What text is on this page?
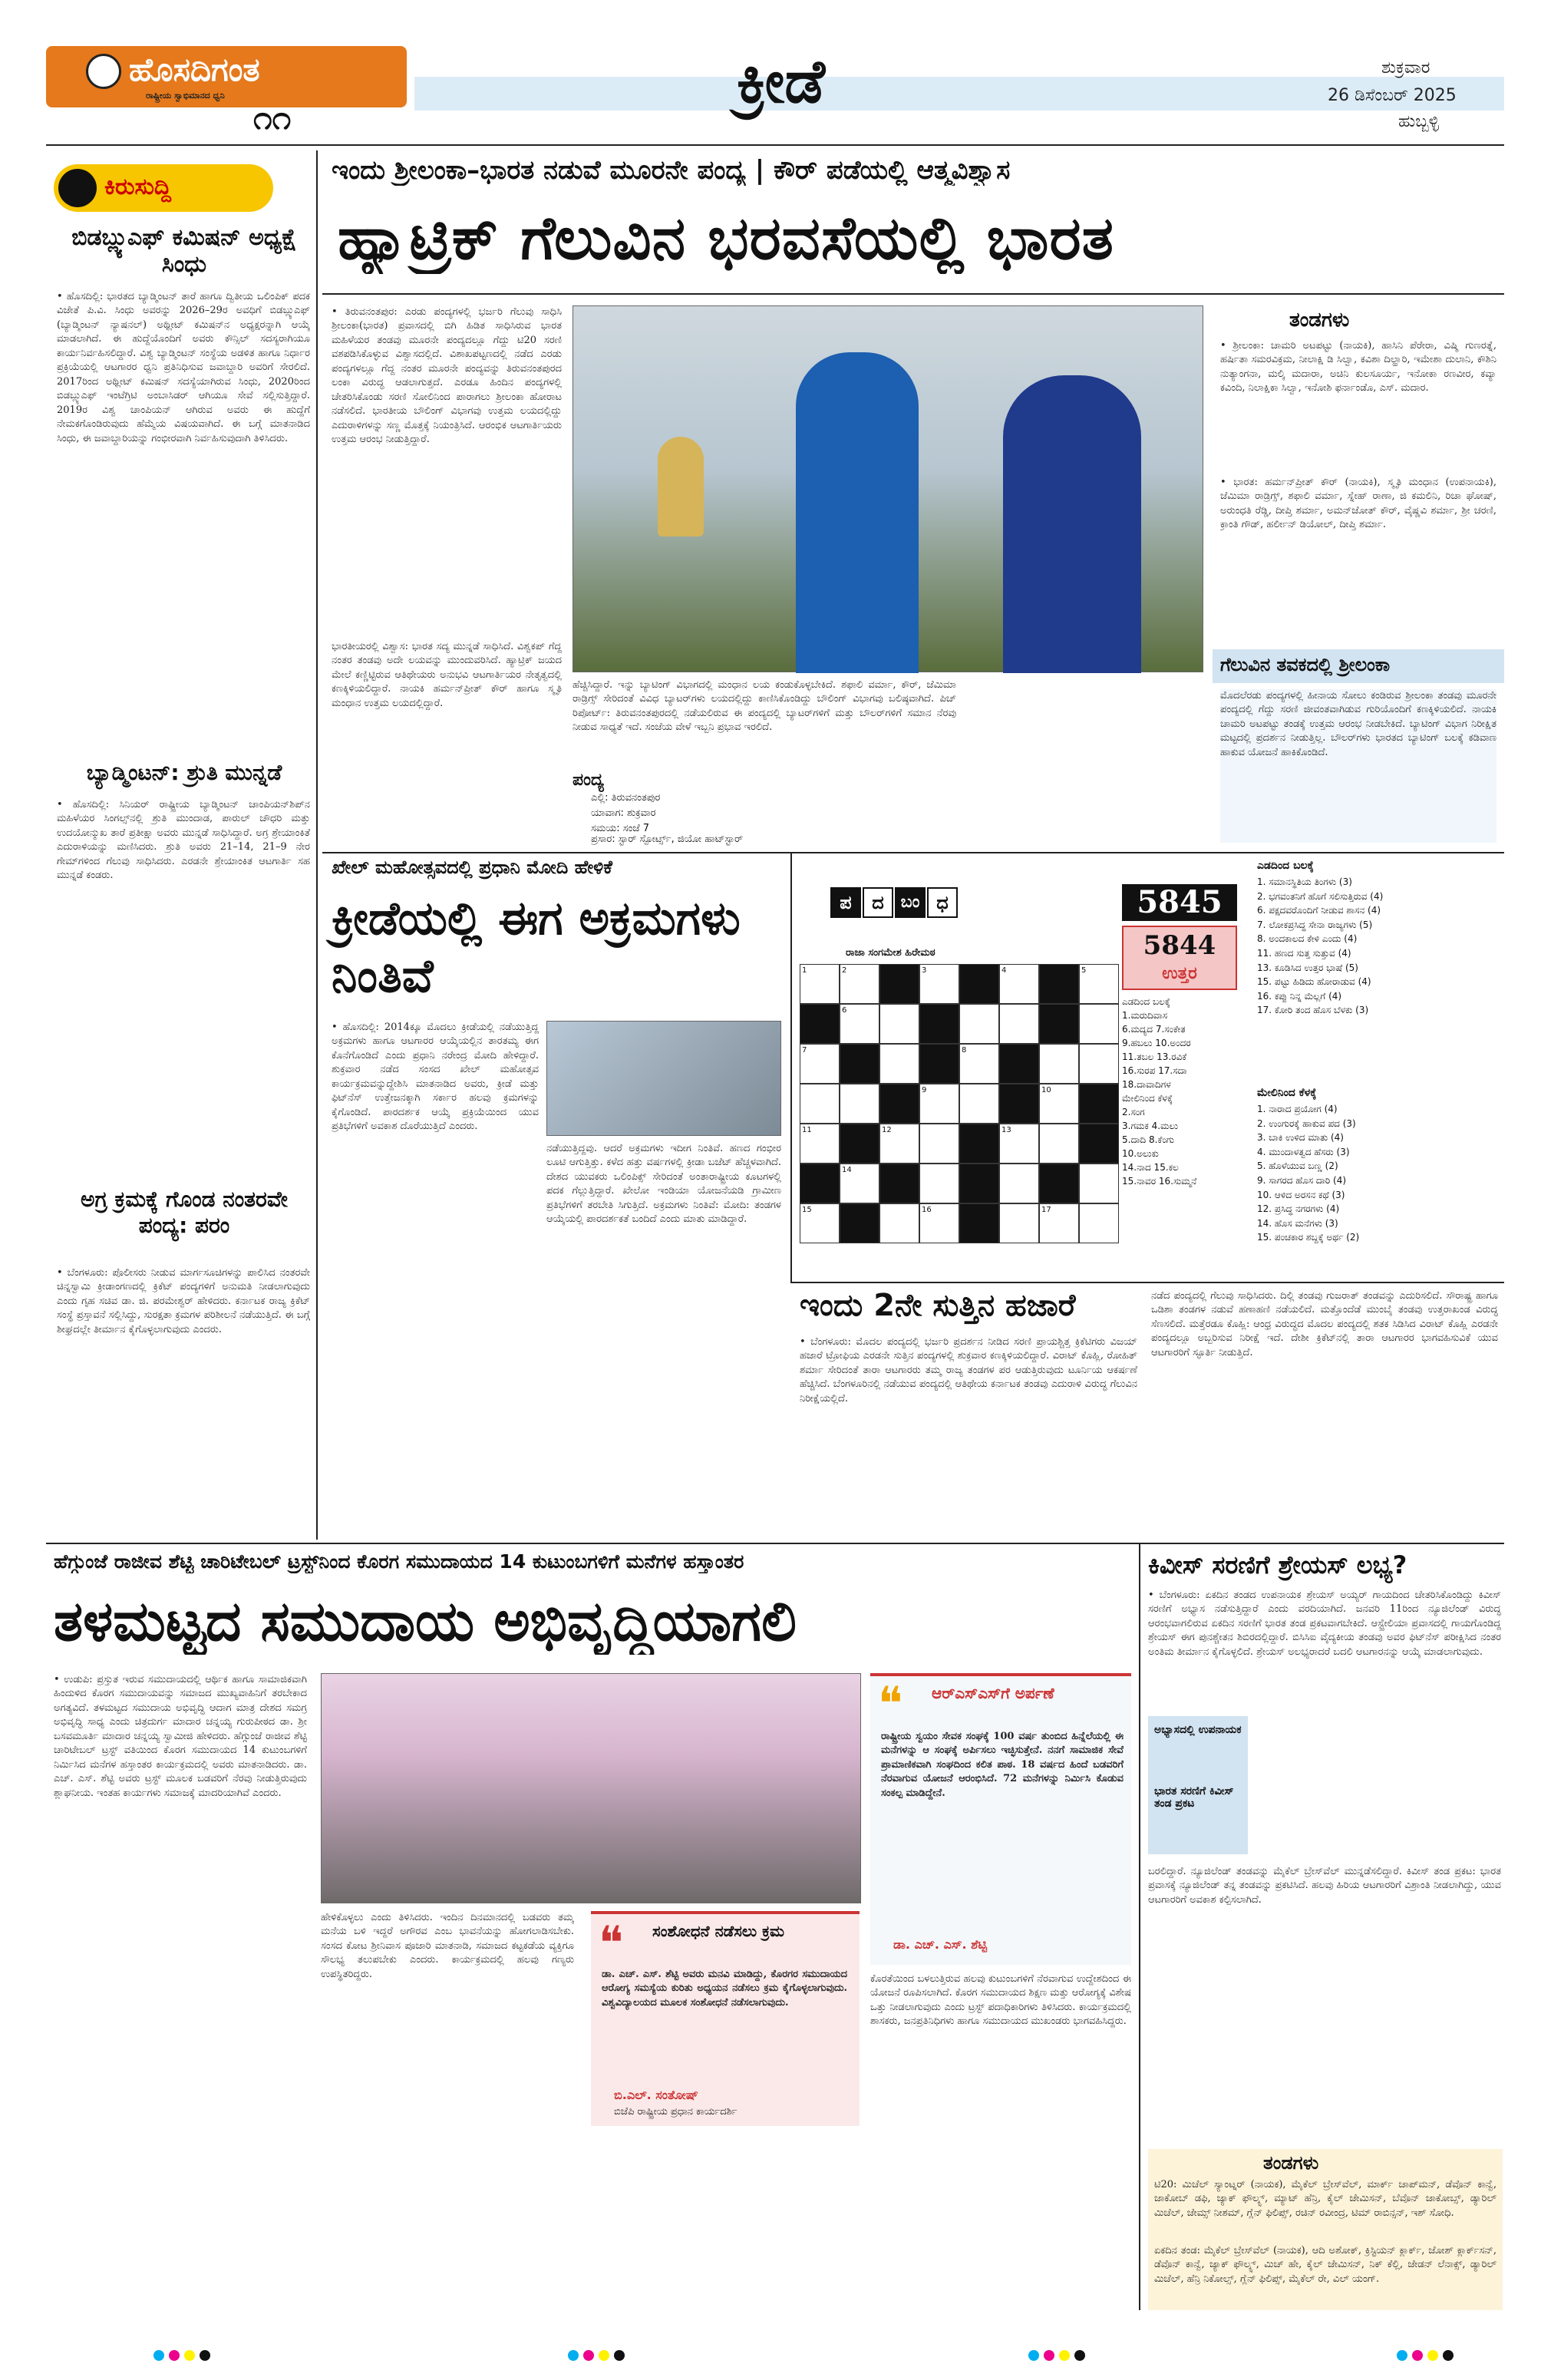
ಹೊಸದಿಗಂತ
ರಾಷ್ಟ್ರೀಯ ಸ್ವಾಭಿಮಾನದ ಧ್ವನಿ
೧೧
ಕ್ರೀಡೆ	ಶುಕ್ರವಾರ
26 ಡಿಸೆಂಬರ್ 2025
ಹುಬ್ಬಳ್ಳಿ
ಕಿರುಸುದ್ದಿ
ಬಿಡಬ್ಲ್ಯುಎಫ್ ಕಮಿಷನ್ ಅಧ್ಯಕ್ಷೆ ಸಿಂಧು
• ಹೊಸದಿಲ್ಲಿ: ಭಾರತದ ಬ್ಯಾಡ್ಮಿಂಟನ್ ತಾರೆ ಹಾಗೂ ದ್ವಿತೀಯ ಒಲಿಂಪಿಕ್ ಪದಕ ವಿಜೇತೆ ಪಿ.ವಿ. ಸಿಂಧು ಅವರನ್ನು 2026–29ರ ಅವಧಿಗೆ ಬಿಡಬ್ಲ್ಯುಎಫ್ (ಬ್ಯಾಡ್ಮಿಂಟನ್ ನ್ಯಾಷನಲ್) ಅಥ್ಲೀಟ್ ಕಮಿಷನ್‌ನ ಅಧ್ಯಕ್ಷರನ್ನಾಗಿ ಆಯ್ಕೆ ಮಾಡಲಾಗಿದೆ. ಈ ಹುದ್ದೆಯೊಂದಿಗೆ ಅವರು ಕೌನ್ಸಿಲ್ ಸದಸ್ಯರಾಗಿಯೂ ಕಾರ್ಯನಿರ್ವಹಿಸಲಿದ್ದಾರೆ. ವಿಶ್ವ ಬ್ಯಾಡ್ಮಿಂಟನ್ ಸಂಸ್ಥೆಯ ಅಡಳಿತ ಹಾಗೂ ನಿರ್ಧಾರ ಪ್ರಕ್ರಿಯೆಯಲ್ಲಿ ಆಟಗಾರರ ಧ್ವನಿ ಪ್ರತಿನಿಧಿಸುವ ಜವಾಬ್ದಾರಿ ಅವರಿಗೆ ಸೇರಲಿದೆ. 2017ರಿಂದ ಅಥ್ಲೀಟ್ ಕಮಿಷನ್ ಸದಸ್ಯೆಯಾಗಿರುವ ಸಿಂಧು, 2020ರಿಂದ ಬಿಡಬ್ಲ್ಯುಎಫ್ ಇಂಟೆಗ್ರಿಟಿ ಅಂಬಾಸಿಡರ್ ಆಗಿಯೂ ಸೇವೆ ಸಲ್ಲಿಸುತ್ತಿದ್ದಾರೆ. 2019ರ ವಿಶ್ವ ಚಾಂಪಿಯನ್ ಆಗಿರುವ ಅವರು ಈ ಹುದ್ದೆಗೆ ನೇಮಕಗೊಂಡಿರುವುದು ಹೆಮ್ಮೆಯ ವಿಷಯವಾಗಿದೆ. ಈ ಬಗ್ಗೆ ಮಾತನಾಡಿದ ಸಿಂಧು, ಈ ಜವಾಬ್ದಾರಿಯನ್ನು ಗಂಭೀರವಾಗಿ ನಿರ್ವಹಿಸುವುದಾಗಿ ತಿಳಿಸಿದರು.
ಬ್ಯಾಡ್ಮಿಂಟನ್: ಶ್ರುತಿ ಮುನ್ನಡೆ
• ಹೊಸದಿಲ್ಲಿ: ಸಿನಿಯರ್ ರಾಷ್ಟ್ರೀಯ ಬ್ಯಾಡ್ಮಿಂಟನ್ ಚಾಂಪಿಯನ್‌ಶಿಪ್‌ನ ಮಹಿಳೆಯರ ಸಿಂಗಲ್ಸ್‌ನಲ್ಲಿ ಶ್ರುತಿ ಮುಂದಾಡ, ಪಾರುಲ್ ಚೌಧರಿ ಮತ್ತು ಉದಯೋನ್ಮುಖ ತಾರೆ ಪ್ರತೀಕ್ಷಾ ಅವರು ಮುನ್ನಡೆ ಸಾಧಿಸಿದ್ದಾರೆ. ಅಗ್ರ ಶ್ರೇಯಾಂಕಿತೆ ಎದುರಾಳಿಯನ್ನು ಮಣಿಸಿದರು. ಶ್ರುತಿ ಅವರು 21–14, 21–9 ನೇರ ಗೇಮ್‌ಗಳಿಂದ ಗೆಲುವು ಸಾಧಿಸಿದರು. ಎರಡನೇ ಶ್ರೇಯಾಂಕಿತ ಆಟಗಾರ್ತಿ ಸಹ ಮುನ್ನಡೆ ಕಂಡರು.
ಅಗ್ರ ಕ್ರಮಕ್ಕೆ ಗೊಂಡ ನಂತರವೇ ಪಂದ್ಯ: ಪರಂ
• ಬೆಂಗಳೂರು: ಪೊಲೀಸರು ನೀಡುವ ಮಾರ್ಗಸೂಚಿಗಳನ್ನು ಪಾಲಿಸಿದ ನಂತರವೇ ಚಿನ್ನಸ್ವಾಮಿ ಕ್ರೀಡಾಂಗಣದಲ್ಲಿ ಕ್ರಿಕೆಟ್ ಪಂದ್ಯಗಳಿಗೆ ಅನುಮತಿ ನೀಡಲಾಗುವುದು ಎಂದು ಗೃಹ ಸಚಿವ ಡಾ. ಜಿ. ಪರಮೇಶ್ವರ್ ಹೇಳಿದರು. ಕರ್ನಾಟಕ ರಾಜ್ಯ ಕ್ರಿಕೆಟ್ ಸಂಸ್ಥೆ ಪ್ರಸ್ತಾವನೆ ಸಲ್ಲಿಸಿದ್ದು, ಸುರಕ್ಷತಾ ಕ್ರಮಗಳ ಪರಿಶೀಲನೆ ನಡೆಯುತ್ತಿದೆ. ಈ ಬಗ್ಗೆ ಶೀಘ್ರದಲ್ಲೇ ತೀರ್ಮಾನ ಕೈಗೊಳ್ಳಲಾಗುವುದು ಎಂದರು.
ಇಂದು ಶ್ರೀಲಂಕಾ–ಭಾರತ ನಡುವೆ ಮೂರನೇ ಪಂದ್ಯ | ಕೌರ್ ಪಡೆಯಲ್ಲಿ ಆತ್ಮವಿಶ್ವಾಸ
ಹ್ಯಾಟ್ರಿಕ್ ಗೆಲುವಿನ ಭರವಸೆಯಲ್ಲಿ ಭಾರತ
• ತಿರುವನಂತಪುರ: ಎರಡು ಪಂದ್ಯಗಳಲ್ಲಿ ಭರ್ಜರಿ ಗೆಲುವು ಸಾಧಿಸಿ ಶ್ರೀಲಂಕಾ(ಭಾರತ) ಪ್ರವಾಸದಲ್ಲಿ ಬಿಗಿ ಹಿಡಿತ ಸಾಧಿಸಿರುವ ಭಾರತ ಮಹಿಳೆಯರ ತಂಡವು ಮೂರನೇ ಪಂದ್ಯದಲ್ಲೂ ಗೆದ್ದು ಟಿ20 ಸರಣಿ ವಶಪಡಿಸಿಕೊಳ್ಳುವ ವಿಶ್ವಾಸದಲ್ಲಿದೆ. ವಿಶಾಖಪಟ್ಟಣದಲ್ಲಿ ನಡೆದ ಎರಡು ಪಂದ್ಯಗಳಲ್ಲೂ ಗೆದ್ದ ನಂತರ ಮೂರನೇ ಪಂದ್ಯವನ್ನು ತಿರುವನಂತಪುರದ ಲಂಕಾ ವಿರುದ್ಧ ಆಡಲಾಗುತ್ತದೆ. ಎರಡೂ ಹಿಂದಿನ ಪಂದ್ಯಗಳಲ್ಲಿ ಚೇತರಿಸಿಕೊಂಡು ಸರಣಿ ಸೋಲಿನಿಂದ ಪಾರಾಗಲು ಶ್ರೀಲಂಕಾ ಹೋರಾಟ ನಡೆಸಲಿದೆ. ಭಾರತೀಯ ಬೌಲಿಂಗ್ ವಿಭಾಗವು ಉತ್ತಮ ಲಯದಲ್ಲಿದ್ದು ಎದುರಾಳಿಗಳನ್ನು ಸಣ್ಣ ಮೊತ್ತಕ್ಕೆ ನಿಯಂತ್ರಿಸಿದೆ. ಆರಂಭಿಕ ಆಟಗಾರ್ತಿಯರು ಉತ್ತಮ ಆರಂಭ ನೀಡುತ್ತಿದ್ದಾರೆ.
ಭಾರತೀಯರಲ್ಲಿ ವಿಶ್ವಾಸ: ಭಾರತ ಸದ್ಯ ಮುನ್ನಡೆ ಸಾಧಿಸಿದೆ. ವಿಶ್ವಕಪ್ ಗೆದ್ದ ನಂತರ ತಂಡವು ಅದೇ ಲಯವನ್ನು ಮುಂದುವರಿಸಿದೆ. ಹ್ಯಾಟ್ರಿಕ್ ಜಯದ ಮೇಲೆ ಕಣ್ಣಿಟ್ಟಿರುವ ಆತಿಥೇಯರು ಅನುಭವಿ ಆಟಗಾರ್ತಿಯರ ನೇತೃತ್ವದಲ್ಲಿ ಕಣಕ್ಕಿಳಿಯಲಿದ್ದಾರೆ. ನಾಯಕಿ ಹರ್ಮನ್‌ಪ್ರೀತ್ ಕೌರ್ ಹಾಗೂ ಸ್ಮೃತಿ ಮಂಧಾನ ಉತ್ತಮ ಲಯದಲ್ಲಿದ್ದಾರೆ.
ಹೆಚ್ಚಿಸಿದ್ದಾರೆ. ಇನ್ನು ಬ್ಯಾಟಿಂಗ್ ವಿಭಾಗದಲ್ಲಿ ಮಂಧಾನ ಲಯ ಕಂಡುಕೊಳ್ಳಬೇಕಿದೆ. ಶಫಾಲಿ ವರ್ಮಾ, ಕೌರ್, ಜೆಮಿಮಾ ರಾಡ್ರಿಗ್ಸ್ ಸೇರಿದಂತೆ ವಿವಿಧ ಬ್ಯಾಟರ್‌ಗಳು ಲಯದಲ್ಲಿದ್ದು ಕಾಣಿಸಿಕೊಂಡಿದ್ದು ಬೌಲಿಂಗ್ ವಿಭಾಗವು ಬಲಿಷ್ಠವಾಗಿದೆ. ಪಿಚ್ ರಿಪೋರ್ಟ್: ತಿರುವನಂತಪುರದಲ್ಲಿ ನಡೆಯಲಿರುವ ಈ ಪಂದ್ಯದಲ್ಲಿ ಬ್ಯಾಟರ್‌ಗಳಿಗೆ ಮತ್ತು ಬೌಲರ್‌ಗಳಿಗೆ ಸಮಾನ ನೆರವು ನೀಡುವ ಸಾಧ್ಯತೆ ಇದೆ. ಸಂಜೆಯ ವೇಳೆ ಇಬ್ಬನಿ ಪ್ರಭಾವ ಇರಲಿದೆ.
ಪಂದ್ಯ
ಎಲ್ಲಿ: ತಿರುವನಂತಪುರ
ಯಾವಾಗ: ಶುಕ್ರವಾರ
ಸಮಯ: ಸಂಜೆ 7
ಪ್ರಸಾರ: ಸ್ಟಾರ್ ಸ್ಪೋರ್ಟ್ಸ್, ಜಿಯೋ ಹಾಟ್‌ಸ್ಟಾರ್
ತಂಡಗಳು
• ಶ್ರೀಲಂಕಾ: ಚಾಮರಿ ಅಟಪಟ್ಟು (ನಾಯಕಿ), ಹಾಸಿನಿ ಪೆರೇರಾ, ವಿಷ್ಮಿ ಗುಣರತ್ನೆ, ಹರ್ಷಿತಾ ಸಮರವಿಕ್ರಮ, ನೀಲಾಕ್ಷಿ ಡಿ ಸಿಲ್ವಾ, ಕವಿಶಾ ದಿಲ್ಹಾರಿ, ಇಮೇಶಾ ದುಲಾನಿ, ಕೌಶಿನಿ ನುತ್ಯಾಂಗನಾ, ಮಲ್ಕಿ ಮದಾರಾ, ಅಚಿನಿ ಕುಲಸೂರ್ಯ, ಇನೋಕಾ ರಣವೀರ, ಕವ್ಯಾ ಕವಿಂದಿ, ನಿಲಾಕ್ಷಿಕಾ ಸಿಲ್ವಾ, ಇನೋಶಿ ಫರ್ನಾಂಡೊ, ಎಸ್. ಮದಾರ.
• ಭಾರತ: ಹರ್ಮನ್‌ಪ್ರೀತ್ ಕೌರ್ (ನಾಯಕಿ), ಸ್ಮೃತಿ ಮಂಧಾನ (ಉಪನಾಯಕಿ), ಜೆಮಿಮಾ ರಾಡ್ರಿಗ್ಸ್, ಶಫಾಲಿ ವರ್ಮಾ, ಸ್ನೇಹ್ ರಾಣಾ, ಜಿ ಕಮಲಿನಿ, ರಿಚಾ ಘೋಷ್, ಅರುಂಧತಿ ರೆಡ್ಡಿ, ದೀಪ್ತಿ ಶರ್ಮಾ, ಅಮನ್‌ಜೋತ್ ಕೌರ್, ವೈಷ್ಣವಿ ಶರ್ಮಾ, ಶ್ರೀ ಚರಣಿ, ಕ್ರಾಂತಿ ಗೌಡ್, ಹರ್ಲೀನ್ ಡಿಯೋಲ್, ದೀಪ್ತಿ ಶರ್ಮಾ.
ಗೆಲುವಿನ ತವಕದಲ್ಲಿ ಶ್ರೀಲಂಕಾ
ಮೊದಲೆರಡು ಪಂದ್ಯಗಳಲ್ಲಿ ಹೀನಾಯ ಸೋಲು ಕಂಡಿರುವ ಶ್ರೀಲಂಕಾ ತಂಡವು ಮೂರನೇ ಪಂದ್ಯದಲ್ಲಿ ಗೆದ್ದು ಸರಣಿ ಜೀವಂತವಾಗಿಡುವ ಗುರಿಯೊಂದಿಗೆ ಕಣಕ್ಕಿಳಿಯಲಿದೆ. ನಾಯಕಿ ಚಾಮರಿ ಅಟಪಟ್ಟು ತಂಡಕ್ಕೆ ಉತ್ತಮ ಆರಂಭ ನೀಡಬೇಕಿದೆ. ಬ್ಯಾಟಿಂಗ್ ವಿಭಾಗ ನಿರೀಕ್ಷಿತ ಮಟ್ಟದಲ್ಲಿ ಪ್ರದರ್ಶನ ನೀಡುತ್ತಿಲ್ಲ. ಬೌಲರ್‌ಗಳು ಭಾರತದ ಬ್ಯಾಟಿಂಗ್ ಬಲಕ್ಕೆ ಕಡಿವಾಣ ಹಾಕುವ ಯೋಜನೆ ಹಾಕಿಕೊಂಡಿದೆ.
ಖೇಲ್ ಮಹೋತ್ಸವದಲ್ಲಿ ಪ್ರಧಾನಿ ಮೋದಿ ಹೇಳಿಕೆ
ಕ್ರೀಡೆಯಲ್ಲಿ ಈಗ ಅಕ್ರಮಗಳು ನಿಂತಿವೆ
• ಹೊಸದಿಲ್ಲಿ: 2014ಕ್ಕೂ ಮೊದಲು ಕ್ರೀಡೆಯಲ್ಲಿ ನಡೆಯುತ್ತಿದ್ದ ಅಕ್ರಮಗಳು ಹಾಗೂ ಆಟಗಾರರ ಆಯ್ಕೆಯಲ್ಲಿನ ತಾರತಮ್ಯ ಈಗ ಕೊನೆಗೊಂಡಿದೆ ಎಂದು ಪ್ರಧಾನಿ ನರೇಂದ್ರ ಮೋದಿ ಹೇಳಿದ್ದಾರೆ. ಶುಕ್ರವಾರ ನಡೆದ ಸಂಸದ ಖೇಲ್ ಮಹೋತ್ಸವ ಕಾರ್ಯಕ್ರಮವನ್ನುದ್ದೇಶಿಸಿ ಮಾತನಾಡಿದ ಅವರು, ಕ್ರೀಡೆ ಮತ್ತು ಫಿಟ್‌ನೆಸ್ ಉತ್ತೇಜನಕ್ಕಾಗಿ ಸರ್ಕಾರ ಹಲವು ಕ್ರಮಗಳನ್ನು ಕೈಗೊಂಡಿದೆ. ಪಾರದರ್ಶಕ ಆಯ್ಕೆ ಪ್ರಕ್ರಿಯೆಯಿಂದ ಯುವ ಪ್ರತಿಭೆಗಳಿಗೆ ಅವಕಾಶ ದೊರೆಯುತ್ತಿದೆ ಎಂದರು.
ನಡೆಯುತ್ತಿದ್ದವು. ಆದರೆ ಅಕ್ರಮಗಳು ಇದೀಗ ನಿಂತಿವೆ. ಹಣದ ಗಂಭೀರ ಲೂಟಿ ಆಗುತ್ತಿತ್ತು. ಕಳೆದ ಹತ್ತು ವರ್ಷಗಳಲ್ಲಿ ಕ್ರೀಡಾ ಬಜೆಟ್ ಹೆಚ್ಚಳವಾಗಿದೆ. ದೇಶದ ಯುವಕರು ಒಲಿಂಪಿಕ್ಸ್ ಸೇರಿದಂತೆ ಅಂತಾರಾಷ್ಟ್ರೀಯ ಕೂಟಗಳಲ್ಲಿ ಪದಕ ಗೆಲ್ಲುತ್ತಿದ್ದಾರೆ. ಖೇಲೋ ಇಂಡಿಯಾ ಯೋಜನೆಯಡಿ ಗ್ರಾಮೀಣ ಪ್ರತಿಭೆಗಳಿಗೆ ತರಬೇತಿ ಸಿಗುತ್ತಿದೆ. ಅಕ್ರಮಗಳು ನಿಂತಿವೆ: ಮೋದಿ: ತಂಡಗಳ ಆಯ್ಕೆಯಲ್ಲಿ ಪಾರದರ್ಶಕತೆ ಬಂದಿದೆ ಎಂದು ಮಾತು ಮಾಡಿದ್ದಾರೆ.
ಪ	ದ ಬಂ ಧ
ರಾಜಾ ಸಂಗಮೇಶ ಹಿರೇಮಠ
1	2	3	4	5
6
7	8
9	10
11	12	13
14
15	16	17
5845
5844
ಉತ್ತರ
ಎಡದಿಂದ ಬಲಕ್ಕೆ
1.ಮರುದಿವಾಸ
6.ಮದ್ಯದ 7.ಸಂಕೇತ
9.ಹಬಲು 10.ಅಂದರ
11.ತಬಲ 13.ರವಿಕೆ
16.ಸುರಪ 17.ಸದಾ
18.ದಾವಾದಿಗಳ
ಮೇಲಿನಿಂದ ಕೆಳಕ್ಕೆ
2.ಸಂಗ
3.ಗಮಕ 4.ಮಲು
5.ದಾದಿ 8.ಕೆಂಗು
10.ಅಲುಕು
14.ನಾದ 15.ಕಲ
15.ನಾವರ 16.ಸುಮ್ಮನೆ
ಎಡದಿಂದ ಬಲಕ್ಕೆ
1. ಸಮಾನಸ್ಥಿತಿಯ ತಿಂಗಳು (3)
2. ಭಗವಂತನಿಗೆ ಹೊಗೆ ಸಲಿಸುತ್ತಿರುವ (4)
6. ಪಕ್ಷದವರೊಂದಿಗೆ ನೀಡುವ ಶಾಸನ (4)
7. ಲೋಕಪ್ರಸಿದ್ಧ ಸೇನಾ ರಾಜ್ಯಗಳು (5)
8. ಅಂದಕಾಲದ ಕೇಳಿ ಎಂದು (4)
11. ಹಣದ ಸುತ್ತ ಸುತ್ತುವ (4)
13. ಕೂಡಿಸಿದ ಉತ್ತರ ಭಾಷೆ (5)
15. ಪಟ್ಟು ಹಿಡಿದು ಹೋರಾಡುವ (4)
16. ಕಪ್ಪು ನಿನ್ನ ಮೆಲ್ಲಗೆ (4)
17. ಕೋರಿ ತಂದ ಹೊಸ ಬೆಳಕು (3)
ಮೇಲಿನಿಂದ ಕೆಳಕ್ಕೆ
1. ನಾರಾದ ಪ್ರಯೋಗ (4)
2. ಉಂಗುರಕ್ಕೆ ಹಾಕುವ ಪದ (3)
3. ಬಾಕಿ ಉಳಿದ ಮಾತು (4)
4. ಮುಂದಾಳತ್ವದ ಹೆಸರು (3)
5. ಹೊಳೆಯುವ ಬಣ್ಣ (2)
9. ಸಾಗರದ ಹೊಸ ದಾರಿ (4)
10. ಆಳಿದ ಅರಸನ ಕಥೆ (3)
12. ಪ್ರಸಿದ್ಧ ನಗರಗಳು (4)
14. ಹೊಸ ಮನೆಗಳು (3)
15. ಪಂಚಕಾರ ಶಬ್ದಕ್ಕೆ ಅರ್ಥ (2)
ಇಂದು 2ನೇ ಸುತ್ತಿನ ಹಜಾರೆ
• ಬೆಂಗಳೂರು: ಮೊದಲ ಪಂದ್ಯದಲ್ಲಿ ಭರ್ಜರಿ ಪ್ರದರ್ಶನ ನೀಡಿದ ಸರಣಿ ಪ್ರಾಯಶ್ಚಿತ್ತ ಕ್ರಿಕೆಟಿಗರು ವಿಜಯ್ ಹಜಾರೆ ಟ್ರೋಫಿಯ ಎರಡನೇ ಸುತ್ತಿನ ಪಂದ್ಯಗಳಲ್ಲಿ ಶುಕ್ರವಾರ ಕಣಕ್ಕಿಳಿಯಲಿದ್ದಾರೆ. ವಿರಾಟ್ ಕೊಹ್ಲಿ, ರೋಹಿತ್ ಶರ್ಮಾ ಸೇರಿದಂತೆ ತಾರಾ ಆಟಗಾರರು ತಮ್ಮ ರಾಜ್ಯ ತಂಡಗಳ ಪರ ಆಡುತ್ತಿರುವುದು ಟೂರ್ನಿಯ ಆಕರ್ಷಣೆ ಹೆಚ್ಚಿಸಿದೆ. ಬೆಂಗಳೂರಿನಲ್ಲಿ ನಡೆಯುವ ಪಂದ್ಯದಲ್ಲಿ ಆತಿಥೇಯ ಕರ್ನಾಟಕ ತಂಡವು ಎದುರಾಳಿ ವಿರುದ್ಧ ಗೆಲುವಿನ ನಿರೀಕ್ಷೆಯಲ್ಲಿದೆ.
ನಡೆದ ಪಂದ್ಯದಲ್ಲಿ ಗೆಲುವು ಸಾಧಿಸಿದರು. ದಿಲ್ಲಿ ತಂಡವು ಗುಜರಾತ್ ತಂಡವನ್ನು ಎದುರಿಸಲಿದೆ. ಸೌರಾಷ್ಟ್ರ ಹಾಗೂ ಒಡಿಶಾ ತಂಡಗಳ ನಡುವೆ ಹಣಾಹಣಿ ನಡೆಯಲಿದೆ. ಮತ್ತೊಂದೆಡೆ ಮುಂಬೈ ತಂಡವು ಉತ್ತರಾಖಂಡ ವಿರುದ್ಧ ಸೆಣಸಲಿದೆ. ಮತ್ತೆರಡೂ ಕೊಹ್ಲಿ: ಆಂಧ್ರ ವಿರುದ್ಧದ ಮೊದಲ ಪಂದ್ಯದಲ್ಲಿ ಶತಕ ಸಿಡಿಸಿದ ವಿರಾಟ್ ಕೊಹ್ಲಿ ಎರಡನೇ ಪಂದ್ಯದಲ್ಲೂ ಅಬ್ಬರಿಸುವ ನಿರೀಕ್ಷೆ ಇದೆ. ದೇಶೀ ಕ್ರಿಕೆಟ್‌ನಲ್ಲಿ ತಾರಾ ಆಟಗಾರರ ಭಾಗವಹಿಸುವಿಕೆ ಯುವ ಆಟಗಾರರಿಗೆ ಸ್ಫೂರ್ತಿ ನೀಡುತ್ತಿದೆ.
ಹೆಗ್ಗುಂಜೆ ರಾಜೀವ ಶೆಟ್ಟಿ ಚಾರಿಟೇಬಲ್ ಟ್ರಸ್ಟ್‌ನಿಂದ ಕೊರಗ ಸಮುದಾಯದ 14 ಕುಟುಂಬಗಳಿಗೆ ಮನೆಗಳ ಹಸ್ತಾಂತರ
ತಳಮಟ್ಟದ ಸಮುದಾಯ ಅಭಿವೃದ್ಧಿಯಾಗಲಿ
• ಉಡುಪಿ: ಪ್ರಸ್ತುತ ಇರುವ ಸಮುದಾಯದಲ್ಲಿ ಆರ್ಥಿಕ ಹಾಗೂ ಸಾಮಾಜಿಕವಾಗಿ ಹಿಂದುಳಿದ ಕೊರಗ ಸಮುದಾಯವನ್ನು ಸಮಾಜದ ಮುಖ್ಯವಾಹಿನಿಗೆ ತರಬೇಕಾದ ಅಗತ್ಯವಿದೆ. ತಳಮಟ್ಟದ ಸಮುದಾಯ ಅಭಿವೃದ್ಧಿ ಆದಾಗ ಮಾತ್ರ ದೇಶದ ಸಮಗ್ರ ಅಭಿವೃದ್ಧಿ ಸಾಧ್ಯ ಎಂದು ಚಿತ್ರದುರ್ಗ ಮಾದಾರ ಚನ್ನಯ್ಯ ಗುರುಪೀಠದ ಡಾ. ಶ್ರೀ ಬಸವಮೂರ್ತಿ ಮಾದಾರ ಚನ್ನಯ್ಯ ಸ್ವಾಮೀಜಿ ಹೇಳಿದರು. ಹೆಗ್ಗುಂಜೆ ರಾಜೀವ ಶೆಟ್ಟಿ ಚಾರಿಟೇಬಲ್ ಟ್ರಸ್ಟ್ ವತಿಯಿಂದ ಕೊರಗ ಸಮುದಾಯದ 14 ಕುಟುಂಬಗಳಿಗೆ ನಿರ್ಮಿಸಿದ ಮನೆಗಳ ಹಸ್ತಾಂತರ ಕಾರ್ಯಕ್ರಮದಲ್ಲಿ ಅವರು ಮಾತನಾಡಿದರು. ಡಾ. ಎಚ್. ಎಸ್. ಶೆಟ್ಟಿ ಅವರು ಟ್ರಸ್ಟ್ ಮೂಲಕ ಬಡವರಿಗೆ ನೆರವು ನೀಡುತ್ತಿರುವುದು ಶ್ಲಾಘನೀಯ. ಇಂತಹ ಕಾರ್ಯಗಳು ಸಮಾಜಕ್ಕೆ ಮಾದರಿಯಾಗಿವೆ ಎಂದರು.
ಹೇಳಿಕೊಳ್ಳಲು ಎಂದು ತಿಳಿಸಿದರು. ಇಂದಿನ ದಿನಮಾನದಲ್ಲಿ ಬಡವರು ತಮ್ಮ ಮನೆಯ ಬಳಿ ಇದ್ದರೆ ಅಗೌರವ ಎಂಬ ಭಾವನೆಯನ್ನು ಹೋಗಲಾಡಿಸಬೇಕು. ಸಂಸದ ಕೋಟ ಶ್ರೀನಿವಾಸ ಪೂಜಾರಿ ಮಾತನಾಡಿ, ಸಮಾಜದ ಕಟ್ಟಕಡೆಯ ವ್ಯಕ್ತಿಗೂ ಸೌಲಭ್ಯ ತಲುಪಬೇಕು ಎಂದರು. ಕಾರ್ಯಕ್ರಮದಲ್ಲಿ ಹಲವು ಗಣ್ಯರು ಉಪಸ್ಥಿತರಿದ್ದರು.
❝ ಸಂಶೋಧನೆ ನಡೆಸಲು ಕ್ರಮ
ಡಾ. ಎಚ್. ಎಸ್. ಶೆಟ್ಟಿ ಅವರು ಮನವಿ ಮಾಡಿದ್ದು, ಕೊರಗರ ಸಮುದಾಯದ ಆರೋಗ್ಯ ಸಮಸ್ಯೆಯ ಕುರಿತು ಅಧ್ಯಯನ ನಡೆಸಲು ಕ್ರಮ ಕೈಗೊಳ್ಳಲಾಗುವುದು. ವಿಶ್ವವಿದ್ಯಾಲಯದ ಮೂಲಕ ಸಂಶೋಧನೆ ನಡೆಸಲಾಗುವುದು.
ಬಿ.ಎಲ್. ಸಂತೋಷ್
ಬಿಜೆಪಿ ರಾಷ್ಟ್ರೀಯ ಪ್ರಧಾನ ಕಾರ್ಯದರ್ಶಿ
❝ ಆರ್‌ಎಸ್‌ಎಸ್‌ಗೆ ಅರ್ಪಣೆ
ರಾಷ್ಟ್ರೀಯ ಸ್ವಯಂ ಸೇವಕ ಸಂಘಕ್ಕೆ 100 ವರ್ಷ ತುಂಬಿದ ಹಿನ್ನೆಲೆಯಲ್ಲಿ ಈ ಮನೆಗಳನ್ನು ಆ ಸಂಘಕ್ಕೆ ಅರ್ಪಿಸಲು ಇಚ್ಛಿಸುತ್ತೇನೆ. ನನಗೆ ಸಾಮಾಜಿಕ ಸೇವೆ ಪ್ರಾಮಾಣಿಕವಾಗಿ ಸಂಘದಿಂದ ಕಲಿತ ಪಾಠ. 18 ವರ್ಷದ ಹಿಂದೆ ಬಡವರಿಗೆ ನೆರವಾಗುವ ಯೋಜನೆ ಆರಂಭಿಸಿದೆ. 72 ಮನೆಗಳನ್ನು ನಿರ್ಮಿಸಿ ಕೊಡುವ ಸಂಕಲ್ಪ ಮಾಡಿದ್ದೇನೆ.
ಡಾ. ಎಚ್. ಎಸ್. ಶೆಟ್ಟಿ
ಕೊರತೆಯಿಂದ ಬಳಲುತ್ತಿರುವ ಹಲವು ಕುಟುಂಬಗಳಿಗೆ ನೆರವಾಗುವ ಉದ್ದೇಶದಿಂದ ಈ ಯೋಜನೆ ರೂಪಿಸಲಾಗಿದೆ. ಕೊರಗ ಸಮುದಾಯದ ಶಿಕ್ಷಣ ಮತ್ತು ಆರೋಗ್ಯಕ್ಕೆ ವಿಶೇಷ ಒತ್ತು ನೀಡಲಾಗುವುದು ಎಂದು ಟ್ರಸ್ಟ್ ಪದಾಧಿಕಾರಿಗಳು ತಿಳಿಸಿದರು. ಕಾರ್ಯಕ್ರಮದಲ್ಲಿ ಶಾಸಕರು, ಜನಪ್ರತಿನಿಧಿಗಳು ಹಾಗೂ ಸಮುದಾಯದ ಮುಖಂಡರು ಭಾಗವಹಿಸಿದ್ದರು.
ಕಿವೀಸ್ ಸರಣಿಗೆ ಶ್ರೇಯಸ್ ಲಭ್ಯ?
• ಬೆಂಗಳೂರು: ಏಕದಿನ ತಂಡದ ಉಪನಾಯಕ ಶ್ರೇಯಸ್ ಅಯ್ಯರ್ ಗಾಯದಿಂದ ಚೇತರಿಸಿಕೊಂಡಿದ್ದು ಕಿವೀಸ್ ಸರಣಿಗೆ ಅಭ್ಯಾಸ ನಡೆಸುತ್ತಿದ್ದಾರೆ ಎಂದು ವರದಿಯಾಗಿದೆ. ಜನವರಿ 11ರಿಂದ ನ್ಯೂಜಿಲೆಂಡ್ ವಿರುದ್ಧ ಆರಂಭವಾಗಲಿರುವ ಏಕದಿನ ಸರಣಿಗೆ ಭಾರತ ತಂಡ ಪ್ರಕಟವಾಗಬೇಕಿದೆ. ಆಸ್ಟ್ರೇಲಿಯಾ ಪ್ರವಾಸದಲ್ಲಿ ಗಾಯಗೊಂಡಿದ್ದ ಶ್ರೇಯಸ್ ಈಗ ಪುನಶ್ಚೇತನ ಶಿಬಿರದಲ್ಲಿದ್ದಾರೆ. ಬಿಸಿಸಿಐ ವೈದ್ಯಕೀಯ ತಂಡವು ಅವರ ಫಿಟ್‌ನೆಸ್ ಪರೀಕ್ಷಿಸಿದ ನಂತರ ಅಂತಿಮ ತೀರ್ಮಾನ ಕೈಗೊಳ್ಳಲಿದೆ. ಶ್ರೇಯಸ್ ಅಲಭ್ಯರಾದರೆ ಬದಲಿ ಆಟಗಾರನನ್ನು ಆಯ್ಕೆ ಮಾಡಲಾಗುವುದು.
ಅಭ್ಯಾಸದಲ್ಲಿ ಉಪನಾಯಕ
ಭಾರತ ಸರಣಿಗೆ ಕಿವೀಸ್ ತಂಡ ಪ್ರಕಟ
ಬರಲಿದ್ದಾರೆ. ನ್ಯೂಜಿಲೆಂಡ್ ತಂಡವನ್ನು ಮೈಕೆಲ್ ಬ್ರೇಸ್‌ವೆಲ್ ಮುನ್ನಡೆಸಲಿದ್ದಾರೆ. ಕಿವೀಸ್ ತಂಡ ಪ್ರಕಟ: ಭಾರತ ಪ್ರವಾಸಕ್ಕೆ ನ್ಯೂಜಿಲೆಂಡ್ ತನ್ನ ತಂಡವನ್ನು ಪ್ರಕಟಿಸಿದೆ. ಹಲವು ಹಿರಿಯ ಆಟಗಾರರಿಗೆ ವಿಶ್ರಾಂತಿ ನೀಡಲಾಗಿದ್ದು, ಯುವ ಆಟಗಾರರಿಗೆ ಅವಕಾಶ ಕಲ್ಪಿಸಲಾಗಿದೆ.
ತಂಡಗಳು
ಟಿ20: ಮಿಚೆಲ್ ಸ್ಯಾಂಟ್ನರ್ (ನಾಯಕ), ಮೈಕೆಲ್ ಬ್ರೇಸ್‌ವೆಲ್, ಮಾರ್ಕ್ ಚಾಪ್‌ಮನ್, ಡೆವೊನ್ ಕಾನ್ವೆ, ಜಾಕೋಬ್ ಡಫಿ, ಜ್ಯಾಕ್ ಫೌಲ್ಕ್ಸ್, ಮ್ಯಾಟ್ ಹೆನ್ರಿ, ಕೈಲ್ ಜೇಮಿಸನ್, ಬೆವೊನ್ ಜಾಕೋಬ್ಸ್, ಡ್ಯಾರಿಲ್ ಮಿಚೆಲ್, ಜೇಮ್ಸ್ ನೀಶಮ್, ಗ್ಲೆನ್ ಫಿಲಿಪ್ಸ್, ರಚಿನ್ ರವೀಂದ್ರ, ಟಿಮ್ ರಾಬಿನ್ಸನ್, ಇಶ್ ಸೋಧಿ.
ಏಕದಿನ ತಂಡ: ಮೈಕೆಲ್ ಬ್ರೇಸ್‌ವೆಲ್ (ನಾಯಕ), ಆದಿ ಅಶೋಕ್, ಕ್ರಿಸ್ಟಿಯನ್ ಕ್ಲಾರ್ಕ್, ಜೋಶ್ ಕ್ಲಾರ್ಕ್‌ಸನ್, ಡೆವೊನ್ ಕಾನ್ವೆ, ಜ್ಯಾಕ್ ಫೌಲ್ಕ್ಸ್, ಮಿಚ್ ಹೇ, ಕೈಲ್ ಜೇಮಿಸನ್, ನಿಕ್ ಕೆಲ್ಲಿ, ಜೇಡನ್ ಲೆನಾಕ್ಸ್, ಡ್ಯಾರಿಲ್ ಮಿಚೆಲ್, ಹೆನ್ರಿ ನಿಕೋಲ್ಸ್, ಗ್ಲೆನ್ ಫಿಲಿಪ್ಸ್, ಮೈಕೆಲ್ ರೇ, ವಿಲ್ ಯಂಗ್.
